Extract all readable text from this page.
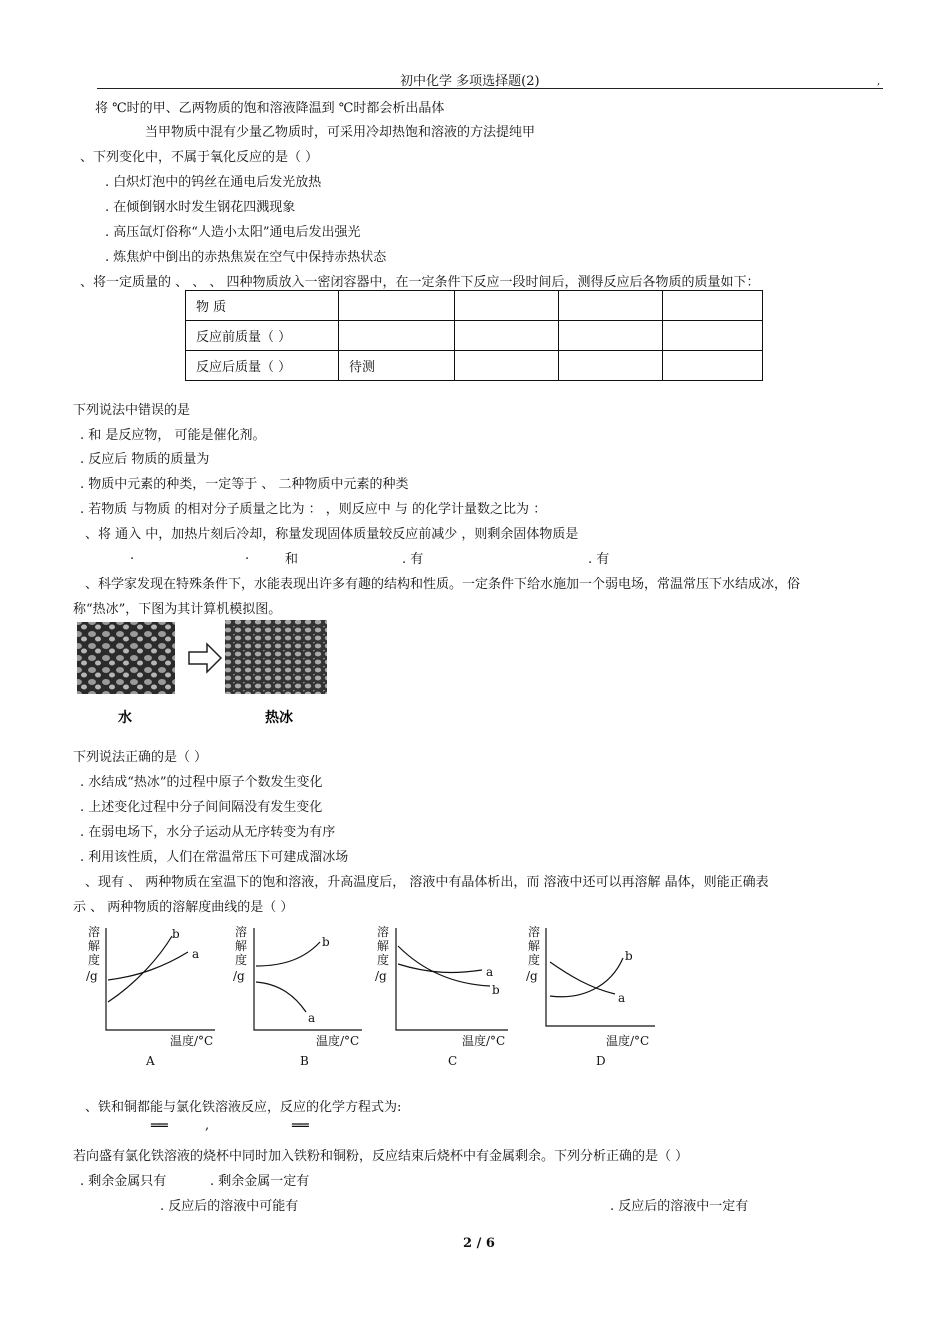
初中化学 多项选择题(2)	,
将 ℃时的甲、乙两物质的饱和溶液降温到 ℃时都会析出晶体
当甲物质中混有少量乙物质时，可采用冷却热饱和溶液的方法提纯甲
、下列变化中，不属于氧化反应的是（ ）
. 白炽灯泡中的钨丝在通电后发光放热
. 在倾倒钢水时发生钢花四溅现象
. 高压氙灯俗称“人造小太阳”通电后发出强光
. 炼焦炉中倒出的赤热焦炭在空气中保持赤热状态
、将一定质量的 、 、 、 四种物质放入一密闭容器中，在一定条件下反应一段时间后，测得反应后各物质的质量如下：
物 质				
反应前质量（ ）				
反应后质量（ ）	待测			
下列说法中错误的是
. 和 是反应物， 可能是催化剂。
. 反应后 物质的质量为
. 物质中元素的种类，一定等于 、 二种物质中元素的种类
. 若物质 与物质 的相对分子质量之比为 ： ，则反应中 与 的化学计量数之比为 ：
、将 通入 中，加热片刻后冷却，称量发现固体质量较反应前减少 ，则剩余固体物质是
.	.	和	. 有	. 有
、科学家发现在特殊条件下，水能表现出许多有趣的结构和性质。一定条件下给水施加一个弱电场，常温常压下水结成冰，俗
称“热冰”，下图为其计算机模拟图。
水	热冰
下列说法正确的是（ ）
. 水结成“热冰”的过程中原子个数发生变化
. 上述变化过程中分子间间隔没有发生变化
. 在弱电场下，水分子运动从无序转变为有序
. 利用该性质，人们在常温常压下可建成溜冰场
、现有 、 两种物质在室温下的饱和溶液，升高温度后， 溶液中有晶体析出，而 溶液中还可以再溶解 晶体，则能正确表
示 、 两种物质的溶解度曲线的是（ ）
溶
解
度
/g
b
a
温度/°C
A
溶
解
度
/g
b
a
温度/°C
B
溶
解
度
/g	a
b
温度/°C
C
溶
解
度
/g
b
a
温度/°C
D
、铁和铜都能与氯化铁溶液反应，反应的化学方程式为:
══	,	══
若向盛有氯化铁溶液的烧杯中同时加入铁粉和铜粉，反应结束后烧杯中有金属剩余。下列分析正确的是（ ）
. 剩余金属只有	. 剩余金属一定有
. 反应后的溶液中可能有	. 反应后的溶液中一定有
2 / 6
